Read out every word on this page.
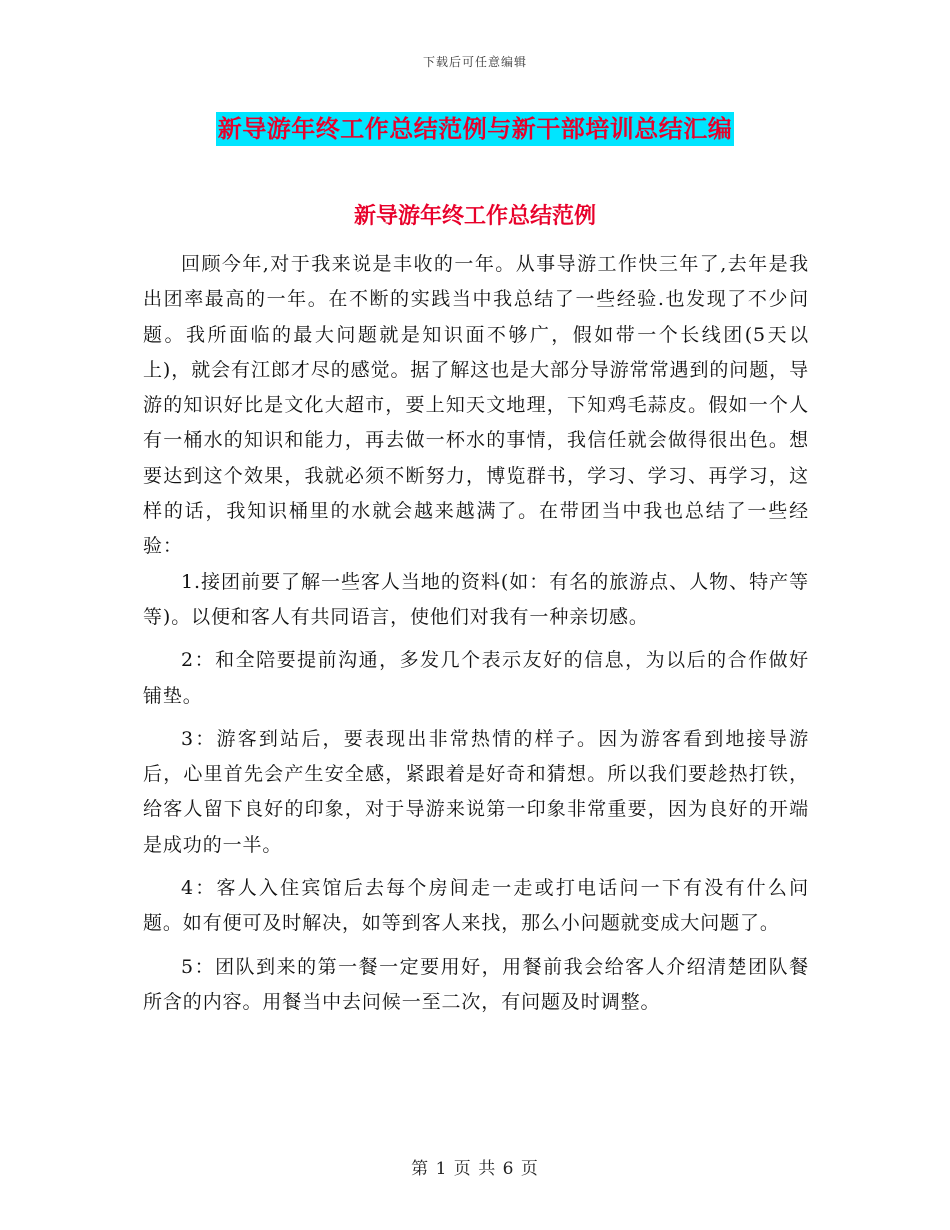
下载后可任意编辑
新导游年终工作总结范例与新干部培训总结汇编
新导游年终工作总结范例

回顾今年,对于我来说是丰收的一年。从事导游工作快三年了,去年是我出团率最高的一年。在不断的实践当中我总结了一些经验.也发现了不少问题。我所面临的最大问题就是知识面不够广，假如带一个长线团(5天以上)，就会有江郎才尽的感觉。据了解这也是大部分导游常常遇到的问题，导游的知识好比是文化大超市，要上知天文地理，下知鸡毛蒜皮。假如一个人有一桶水的知识和能力，再去做一杯水的事情，我信任就会做得很出色。想要达到这个效果，我就必须不断努力，博览群书，学习、学习、再学习，这样的话，我知识桶里的水就会越来越满了。在带团当中我也总结了一些经验：

1.接团前要了解一些客人当地的资料(如：有名的旅游点、人物、特产等等)。以便和客人有共同语言，使他们对我有一种亲切感。

2：和全陪要提前沟通，多发几个表示友好的信息，为以后的合作做好铺垫。

3：游客到站后，要表现出非常热情的样子。因为游客看到地接导游后，心里首先会产生安全感，紧跟着是好奇和猜想。所以我们要趁热打铁，给客人留下良好的印象，对于导游来说第一印象非常重要，因为良好的开端是成功的一半。

4：客人入住宾馆后去每个房间走一走或打电话问一下有没有什么问题。如有便可及时解决，如等到客人来找，那么小问题就变成大问题了。

5：团队到来的第一餐一定要用好，用餐前我会给客人介绍清楚团队餐所含的内容。用餐当中去问候一至二次，有问题及时调整。

第 1 页 共 6 页
